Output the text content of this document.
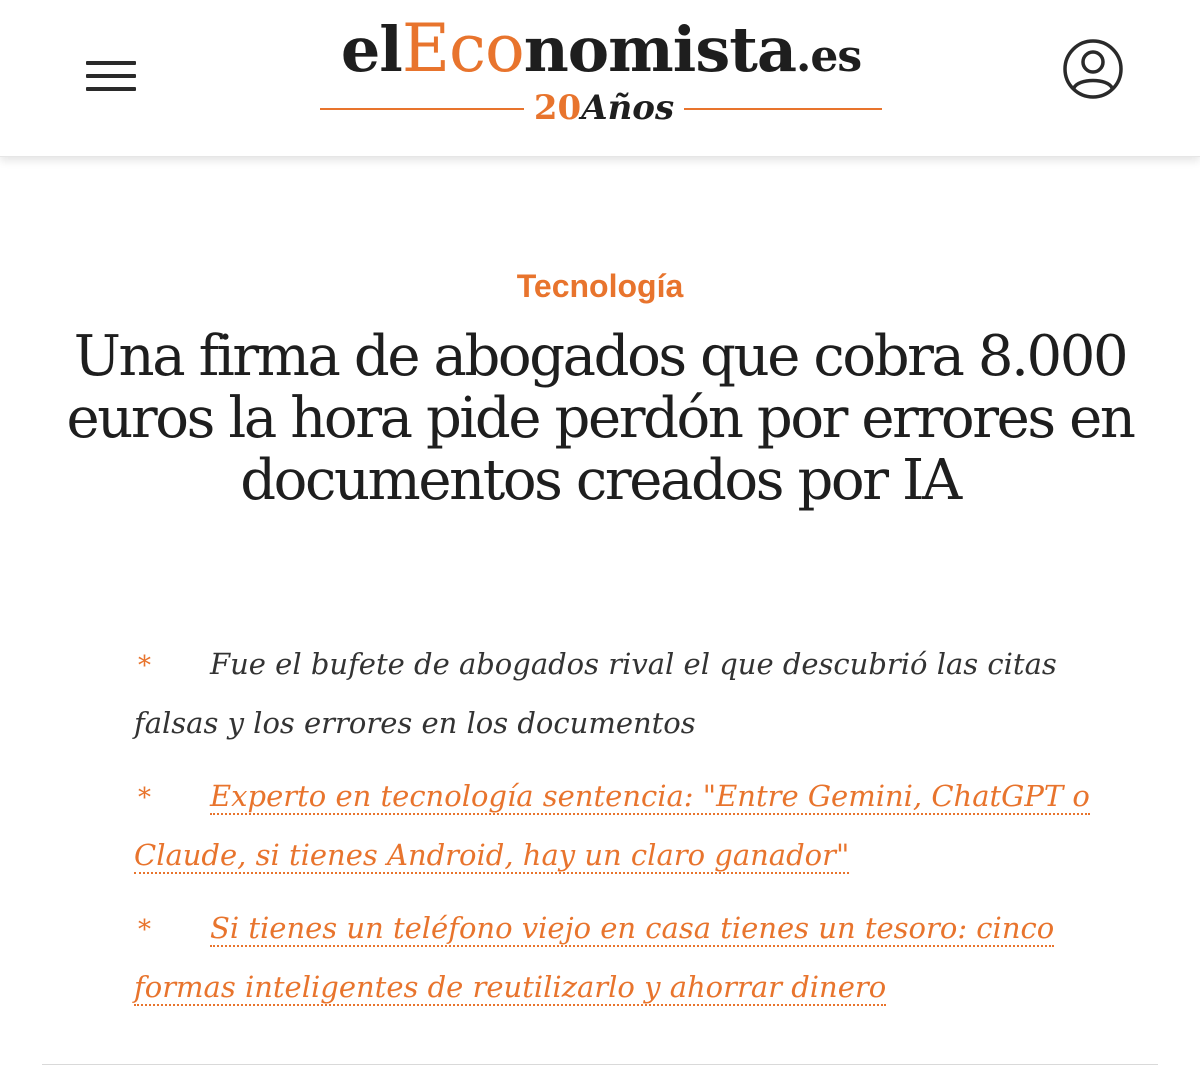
elEconomista.es
20Años
Tecnología
Una firma de abogados que cobra 8.000 euros la hora pide perdón por errores en documentos creados por IA
* Fue el bufete de abogados rival el que descubrió las citas falsas y los errores en los documentos
* Experto en tecnología sentencia: "Entre Gemini, ChatGPT o Claude, si tienes Android, hay un claro ganador"
* Si tienes un teléfono viejo en casa tienes un tesoro: cinco formas inteligentes de reutilizarlo y ahorrar dinero
